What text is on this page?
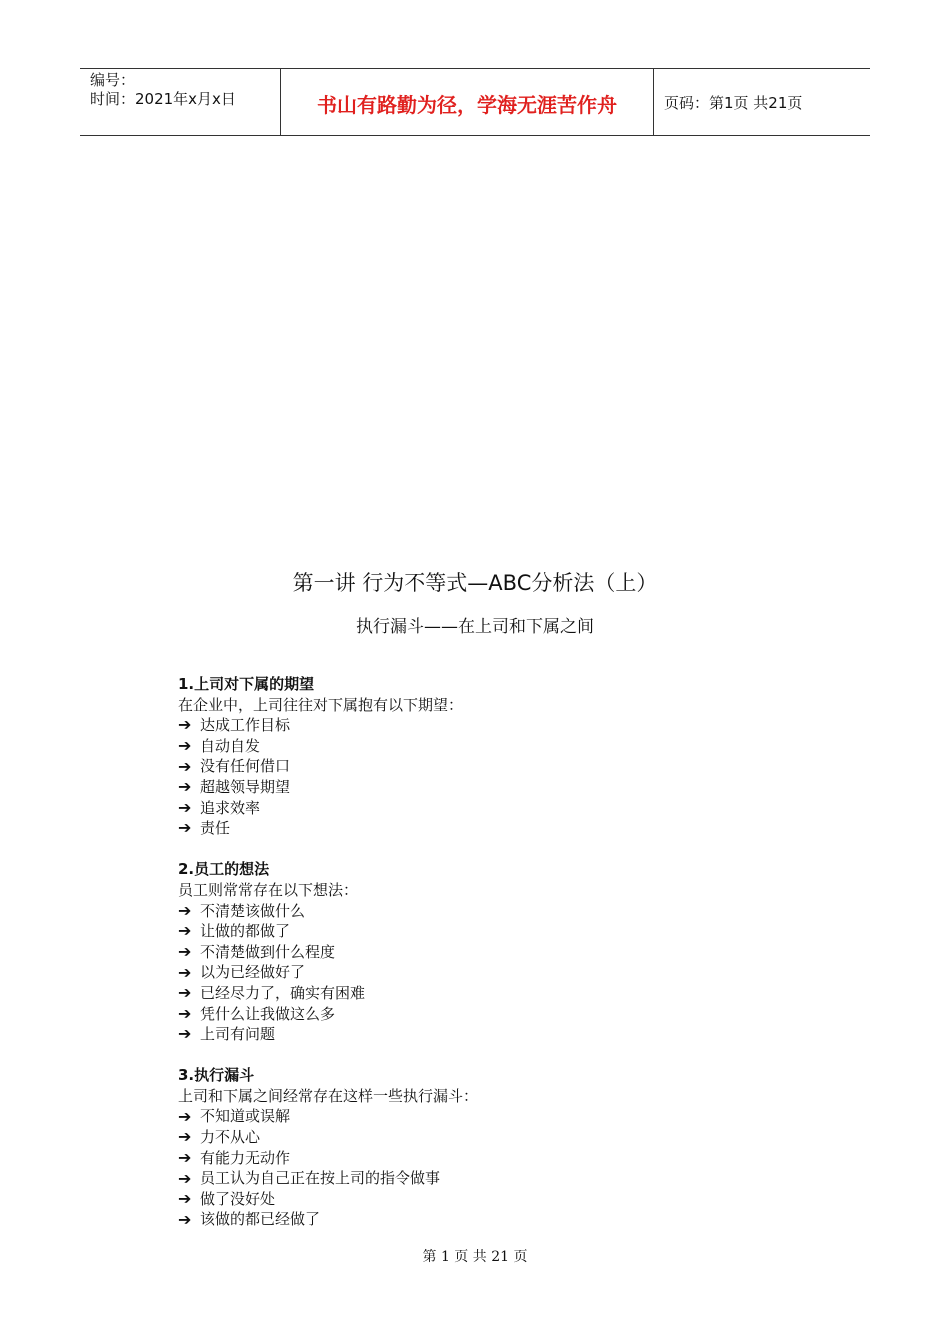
编号：
时间：2021年x月x日	书山有路勤为径，学海无涯苦作舟	页码：第1页 共21页
第一讲 行为不等式—ABC分析法（上）
执行漏斗——在上司和下属之间
1.上司对下属的期望
在企业中，上司往往对下属抱有以下期望：
➔ 达成工作目标
➔ 自动自发
➔ 没有任何借口
➔ 超越领导期望
➔ 追求效率
➔ 责任
2.员工的想法
员工则常常存在以下想法：
➔ 不清楚该做什么
➔ 让做的都做了
➔ 不清楚做到什么程度
➔ 以为已经做好了
➔ 已经尽力了，确实有困难
➔ 凭什么让我做这么多
➔ 上司有问题
3.执行漏斗
上司和下属之间经常存在这样一些执行漏斗：
➔ 不知道或误解
➔ 力不从心
➔ 有能力无动作
➔ 员工认为自己正在按上司的指令做事
➔ 做了没好处
➔ 该做的都已经做了
第 1 页 共 21 页
